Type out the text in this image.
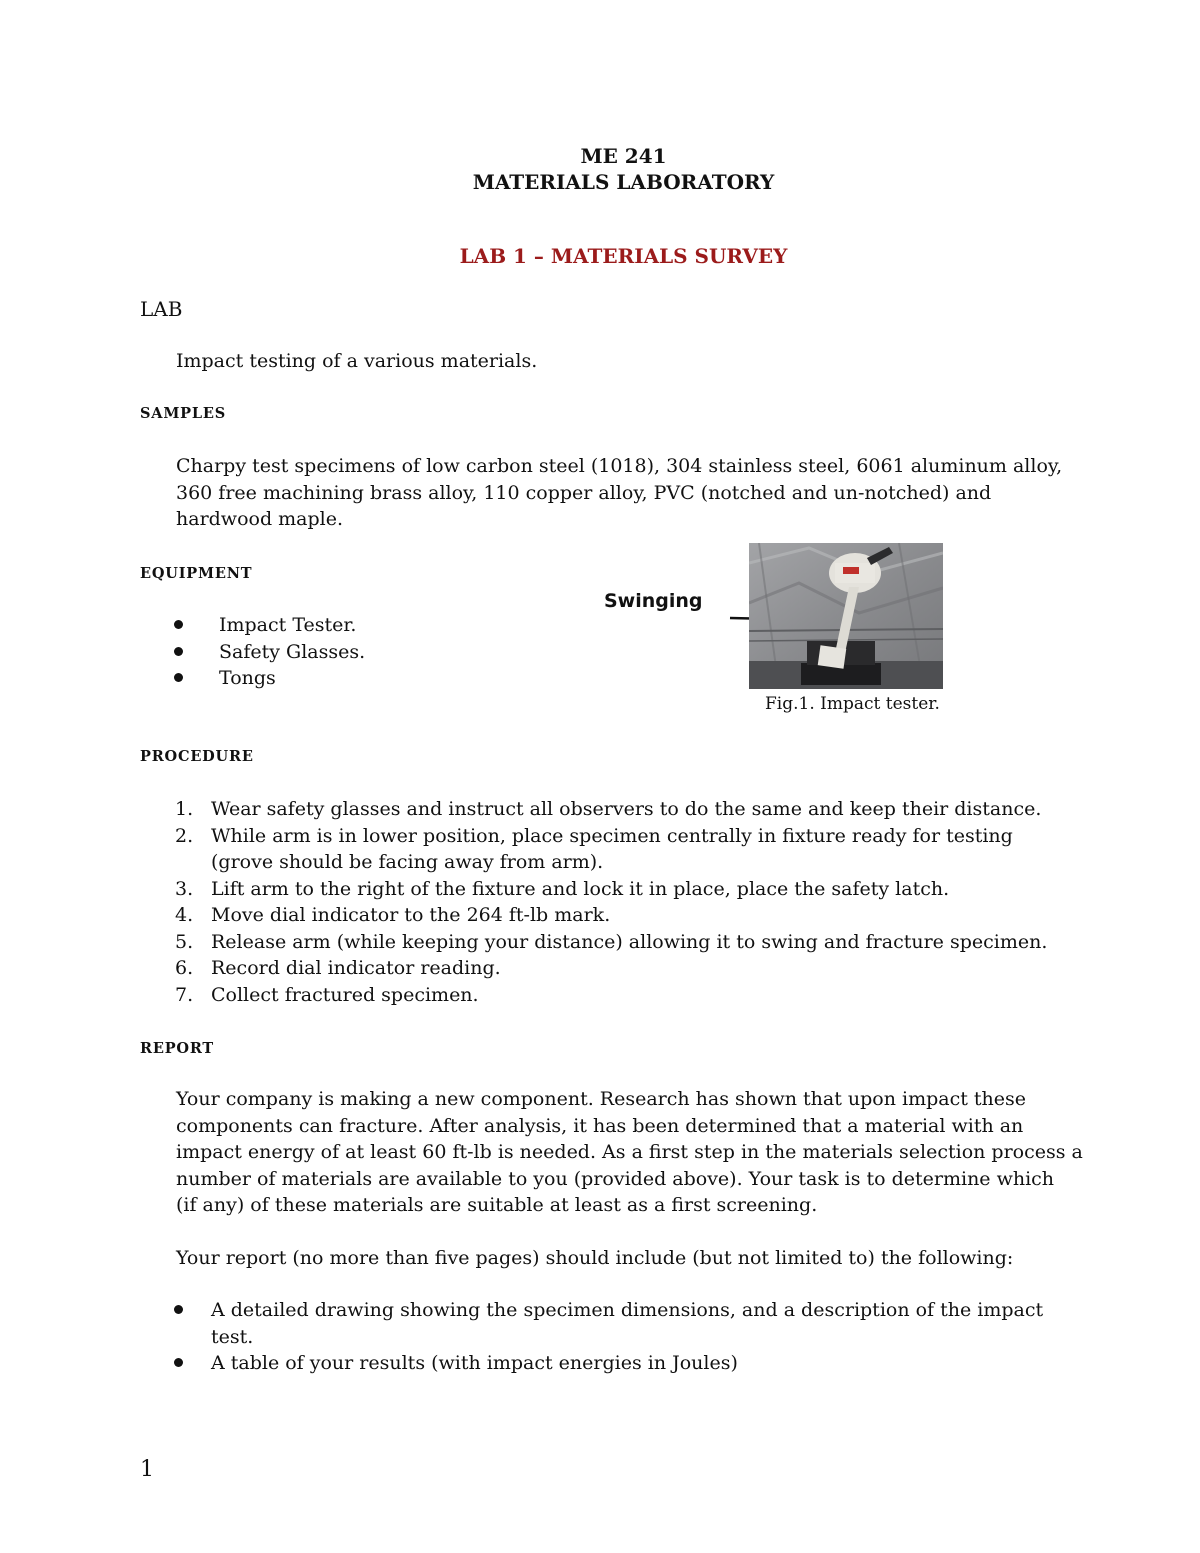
ME 241
MATERIALS LABORATORY
LAB 1 – MATERIALS SURVEY
LAB
Impact testing of a various materials.
SAMPLES
Charpy test specimens of low carbon steel (1018), 304 stainless steel, 6061 aluminum alloy,
360 free machining brass alloy, 110 copper alloy, PVC (notched and un-notched) and
hardwood maple.
EQUIPMENT
Impact Tester.
Safety Glasses.
Tongs
Swinging
Fig.1. Impact tester.
PROCEDURE
1. Wear safety glasses and instruct all observers to do the same and keep their distance.
2. While arm is in lower position, place specimen centrally in fixture ready for testing
(grove should be facing away from arm).
3. Lift arm to the right of the fixture and lock it in place, place the safety latch.
4. Move dial indicator to the 264 ft-lb mark.
5. Release arm (while keeping your distance) allowing it to swing and fracture specimen.
6. Record dial indicator reading.
7. Collect fractured specimen.
REPORT
Your company is making a new component. Research has shown that upon impact these
components can fracture. After analysis, it has been determined that a material with an
impact energy of at least 60 ft-lb is needed. As a first step in the materials selection process a
number of materials are available to you (provided above). Your task is to determine which
(if any) of these materials are suitable at least as a first screening.
Your report (no more than five pages) should include (but not limited to) the following:
A detailed drawing showing the specimen dimensions, and a description of the impact
test.
A table of your results (with impact energies in Joules)
1
